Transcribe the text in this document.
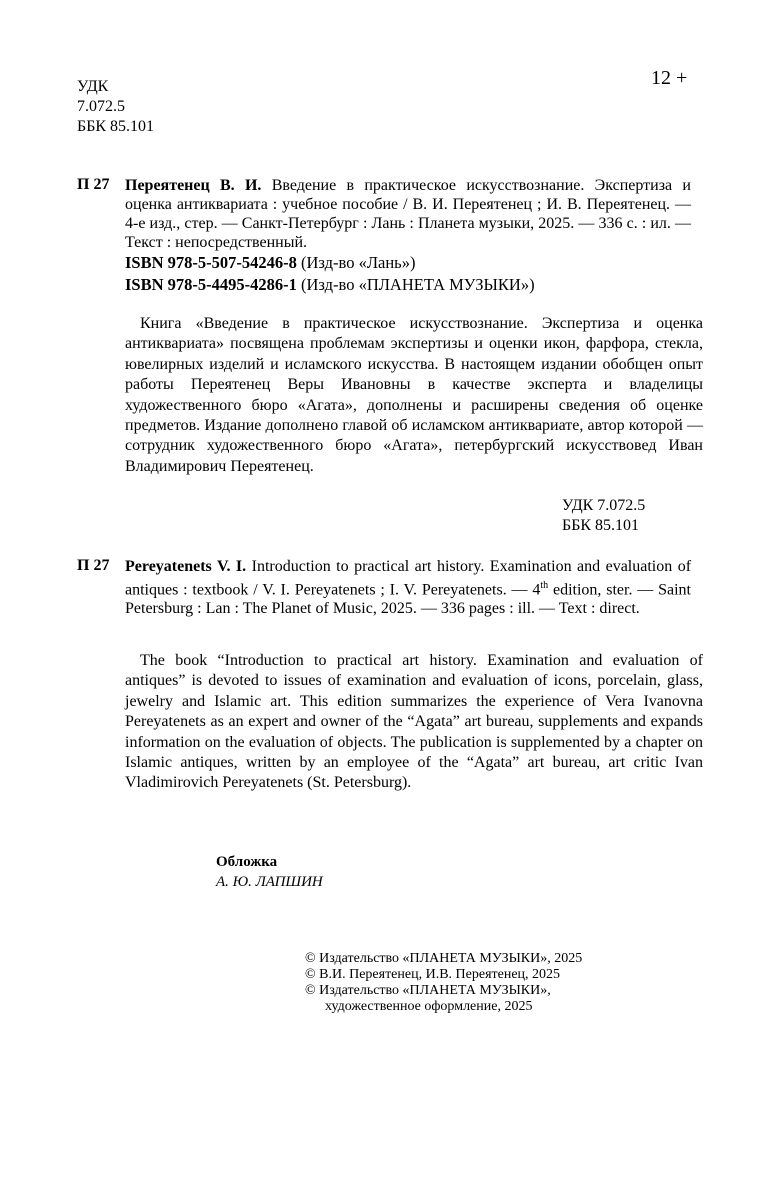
УДК
7.072.5
ББК 85.101
12 +
П 27 Перeятенец В. И. Введение в практическое искусствознание. Экспертиза и оценка антиквариата : учебное пособие / В. И. Перeятенец ; И. В. Перeятенец. — 4-е изд., стер. — Санкт-Петербург : Лань : Планета музыки, 2025. — 336 с. : ил. — Текст : непосредственный.
ISBN 978-5-507-54246-8 (Изд-во «Лань»)
ISBN 978-5-4495-4286-1 (Изд-во «ПЛАНЕТА МУЗЫКИ»)
Книга «Введение в практическое искусствознание. Экспертиза и оценка антиквариата» посвящена проблемам экспертизы и оценки икон, фарфора, стекла, ювелирных изделий и исламского искусства. В настоящем издании обобщен опыт работы Перeятенец Веры Ивановны в качестве эксперта и владелицы художественного бюро «Агата», дополнены и расширены сведения об оценке предметов. Издание дополнено главой об исламском антиквариате, автор которой — сотрудник художественного бюро «Агата», петербургский искусствовед Иван Владимирович Перeятенец.
УДК 7.072.5
ББК 85.101
П 27 Pereyatenets V. I. Introduction to practical art history. Examination and evaluation of antiques : textbook / V. I. Pereyatenets ; I. V. Pereyatenets. — 4th edition, ster. — Saint Petersburg : Lan : The Planet of Music, 2025. — 336 pages : ill. — Text : direct.
The book “Introduction to practical art history. Examination and evaluation of antiques” is devoted to issues of examination and evaluation of icons, porcelain, glass, jewelry and Islamic art. This edition summarizes the experience of Vera Ivanovna Pereyatenets as an expert and owner of the “Agata” art bureau, supplements and expands information on the evaluation of objects. The publication is supplemented by a chapter on Islamic antiques, written by an employee of the “Agata” art bureau, art critic Ivan Vladimirovich Pereyatenets (St. Petersburg).
Обложка
А. Ю. ЛАПШИН
© Издательство «ПЛАНЕТА МУЗЫКИ», 2025
© В.И. Перeятенец, И.В. Перeятенец, 2025
© Издательство «ПЛАНЕТА МУЗЫКИ»,
художественное оформление, 2025
